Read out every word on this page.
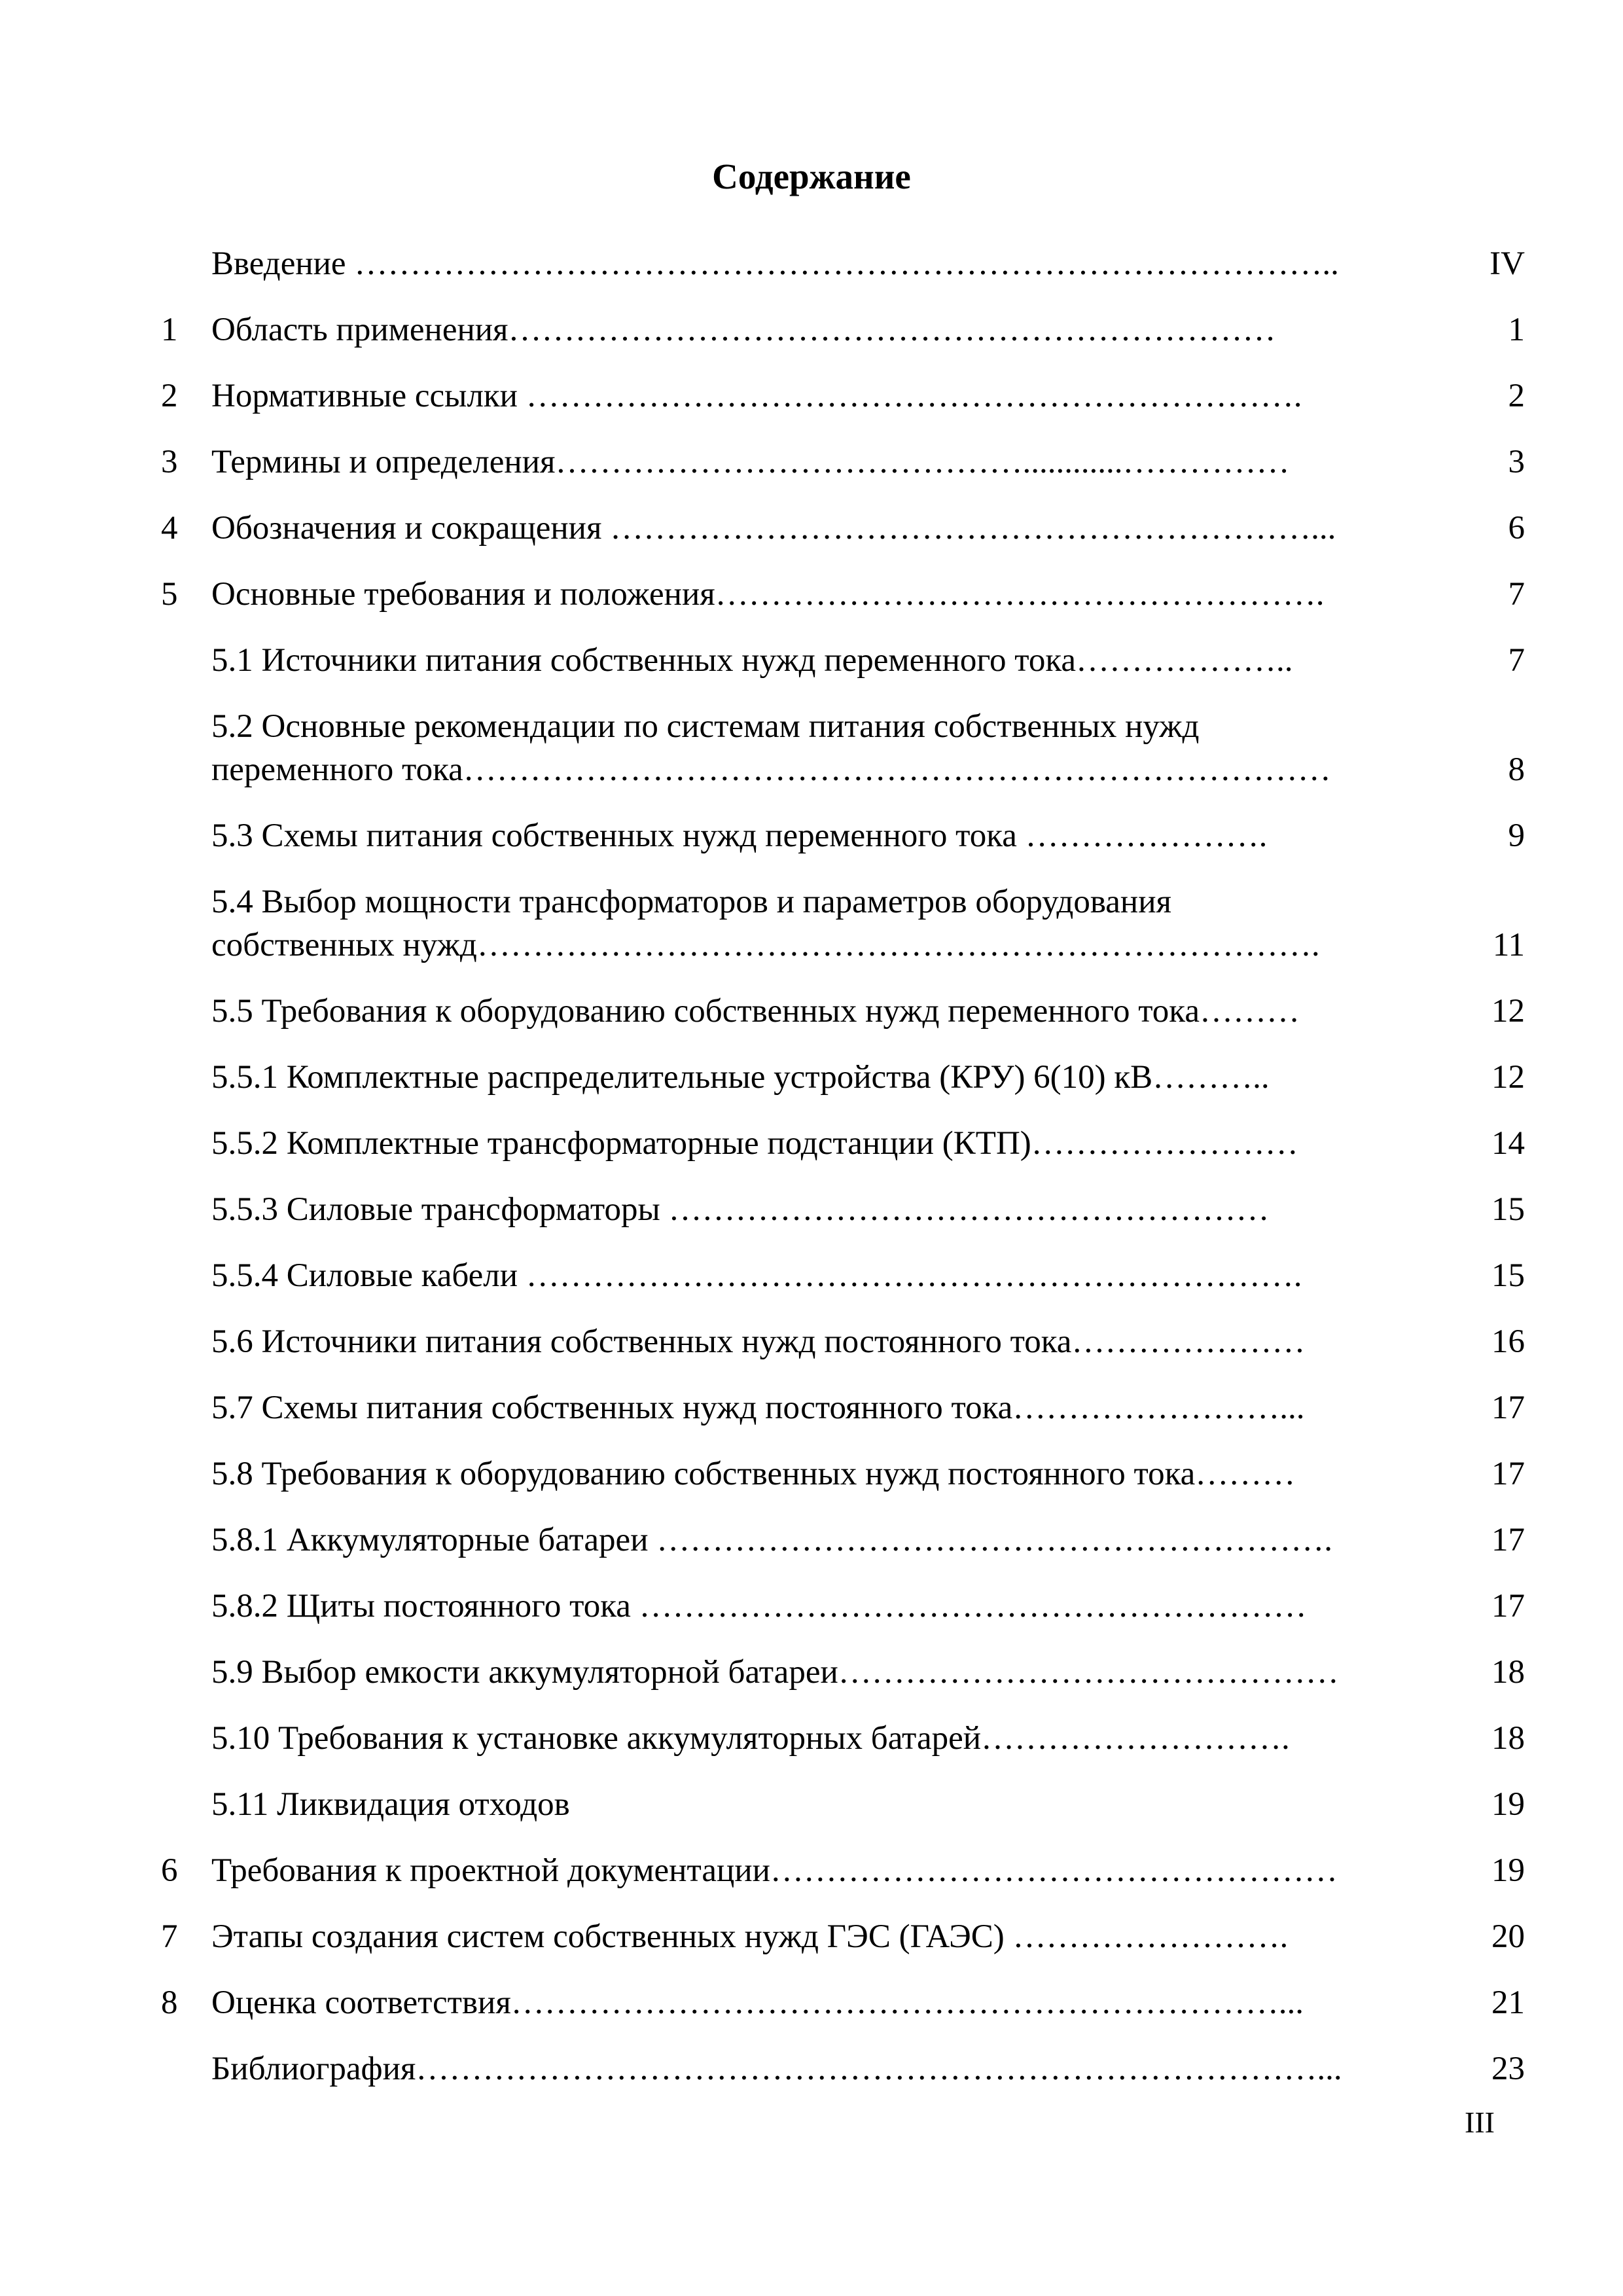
Содержание
Введение ……………………………………………………………………………..	IV
1 Область применения……………………………………………………………	1
2 Нормативные ссылки …………………………………………………………….	2
3 Термины и определения……………………………………............……………	3
4 Обозначения и сокращения ………………………………………………………...	6
5 Основные требования и положения……………………………………………….	7
5.1 Источники питания собственных нужд переменного тока………………..	7
5.2 Основные рекомендации по системам питания собственных нужд
переменного тока……………………………………………………………………	8
5.3 Схемы питания собственных нужд переменного тока ………………….	9
5.4 Выбор мощности трансформаторов и параметров оборудования
собственных нужд………………………………………………………………….	11
5.5 Требования к оборудованию собственных нужд переменного тока………	12
5.5.1 Комплектные распределительные устройства (КРУ) 6(10) кВ………..	12
5.5.2 Комплектные трансформаторные подстанции (КТП)……………………	14
5.5.3 Силовые трансформаторы ………………………………………………	15
5.5.4 Силовые кабели …………………………………………………………….	15
5.6 Источники питания собственных нужд постоянного тока…………………	16
5.7 Схемы питания собственных нужд постоянного тока……………………...	17
5.8 Требования к оборудованию собственных нужд постоянного тока………	17
5.8.1 Аккумуляторные батареи …………………………………………………….	17
5.8.2 Щиты постоянного тока ……………………………………………………	17
5.9 Выбор емкости аккумуляторной батареи………………………………………	18
5.10 Требования к установке аккумуляторных батарей……………………….	18
5.11 Ликвидация отходов	19
6 Требования к проектной документации……………………………………………	19
7 Этапы создания систем собственных нужд ГЭС (ГАЭС) …………………….	20
8 Оценка соответствия……………………………………………………………...	21
Библиография………………………………………………………………………...	23
III
